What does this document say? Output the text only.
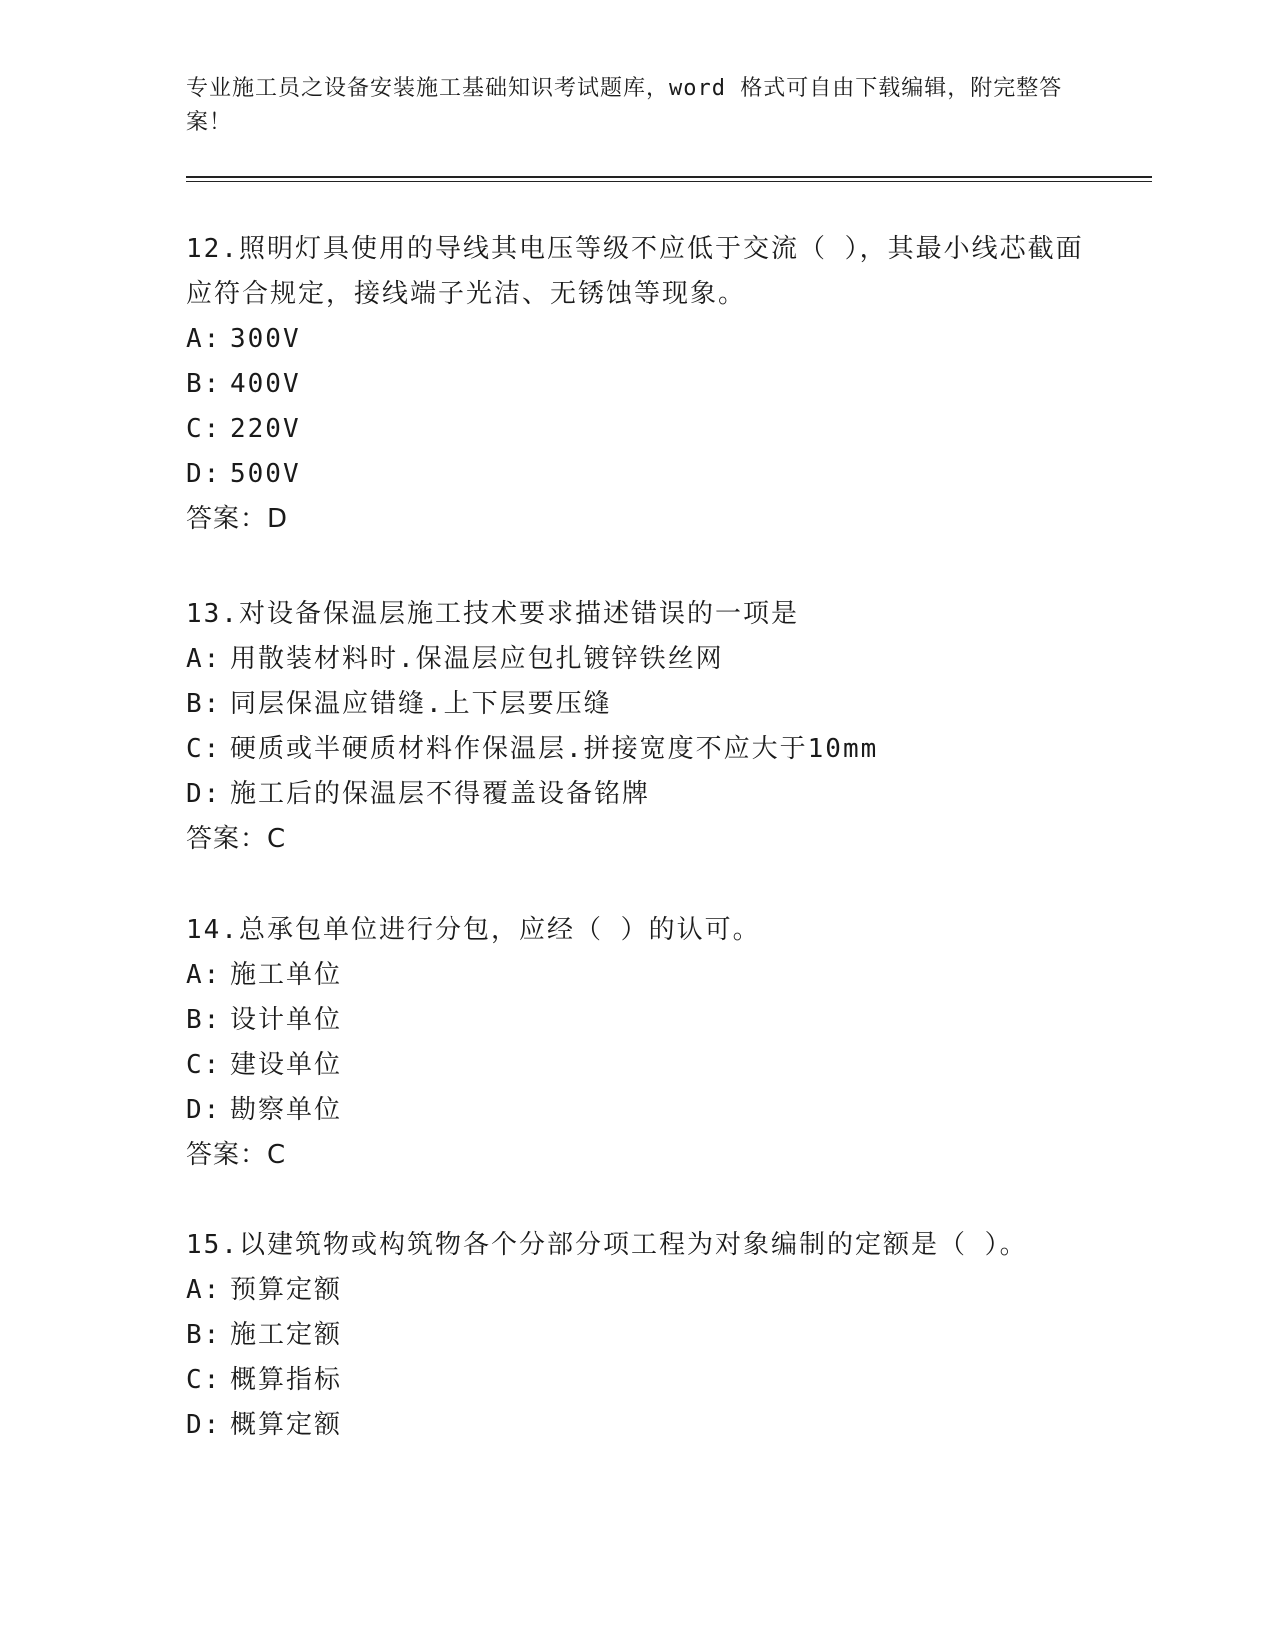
专业施工员之设备安装施工基础知识考试题库，word 格式可自由下载编辑，附完整答案！

12.照明灯具使用的导线其电压等级不应低于交流（ ），其最小线芯截面应符合规定，接线端子光洁、无锈蚀等现象。

A: 300V

B: 400V

C: 220V

D: 500V

答案：D

13.对设备保温层施工技术要求描述错误的一项是

A: 用散装材料时.保温层应包扎镀锌铁丝网

B: 同层保温应错缝.上下层要压缝

C: 硬质或半硬质材料作保温层.拼接宽度不应大于10mm

D: 施工后的保温层不得覆盖设备铭牌

答案：C

14.总承包单位进行分包，应经（ ）的认可。

A: 施工单位

B: 设计单位

C: 建设单位

D: 勘察单位

答案：C

15.以建筑物或构筑物各个分部分项工程为对象编制的定额是（ ）。

A: 预算定额

B: 施工定额

C: 概算指标

D: 概算定额
